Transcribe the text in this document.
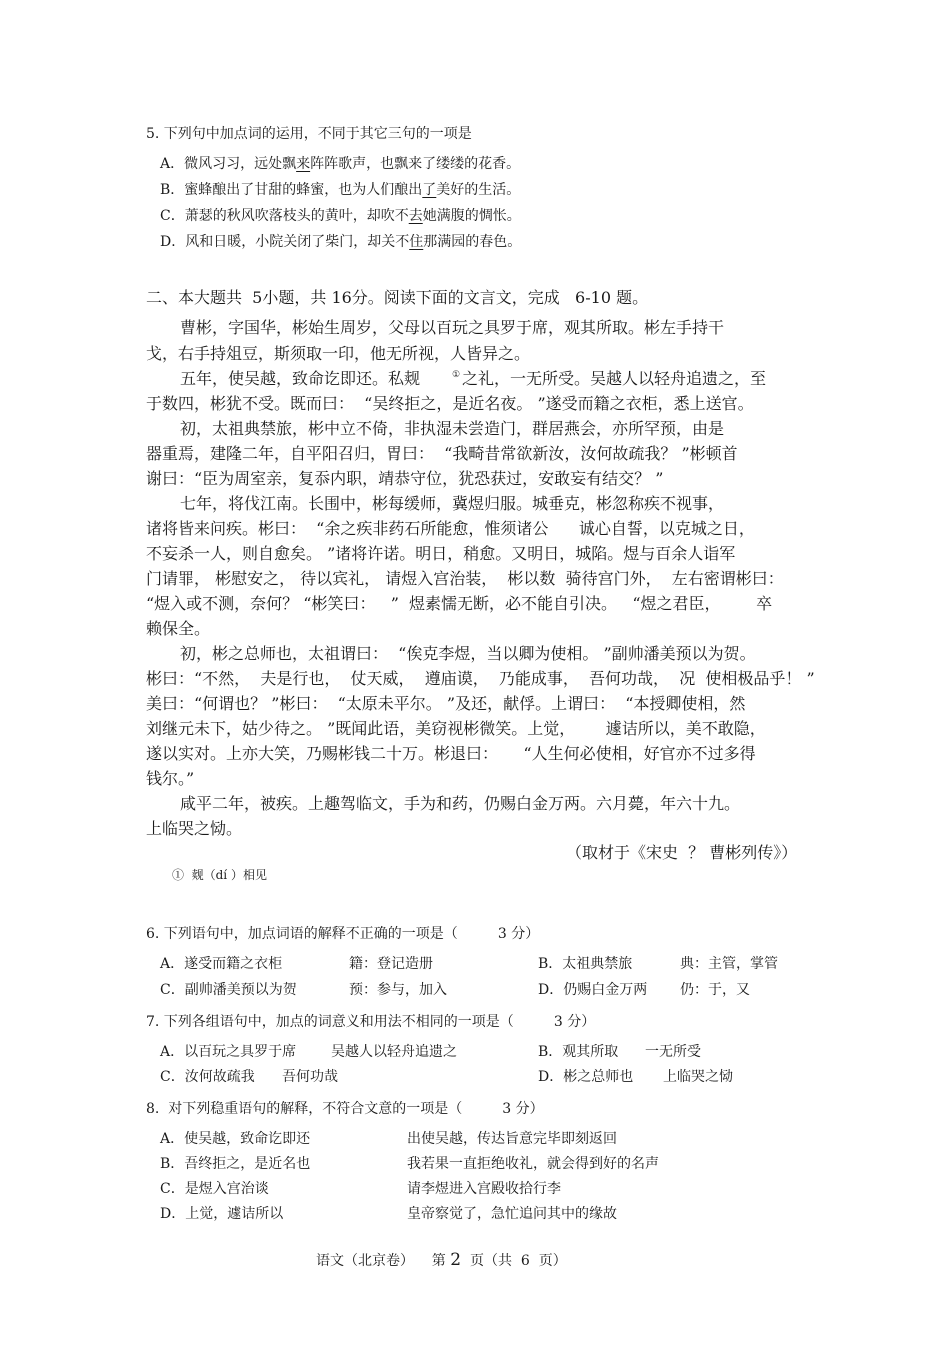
5. 下列句中加点词的运用，不同于其它三句的一项是
A．微风习习，远处飘来阵阵歌声，也飘来了缕缕的花香。
B．蜜蜂酿出了甘甜的蜂蜜，也为人们酿出了美好的生活。
C．萧瑟的秋风吹落枝头的黄叶，却吹不去她满腹的惆怅。
D．风和日暖，小院关闭了柴门，却关不住那满园的春色。
二、本大题共  5小题，共 16分。阅读下面的文言文，完成   6-10 题。
曹彬，字国华，彬始生周岁，父母以百玩之具罗于席，观其所取。彬左手持干
戈，右手持俎豆，斯须取一印，他无所视，人皆异之。
五年，使吴越，致命讫即还。私觌	① 之礼，一无所受。吴越人以轻舟追遗之，至
于数四，彬犹不受。既而曰：  “吴终拒之，是近名夜。 ”遂受而籍之衣柜，悉上送官。
初，太祖典禁旅，彬中立不倚，非执湿未尝造门，群居燕会，亦所罕预，由是
器重焉，建隆二年，自平阳召归，胃曰：  “我畸昔常欲新汝，汝何故疏我？ ”彬顿首
谢曰：“臣为周室亲，复忝内职，靖恭守位，犹恐获过，安敢妄有结交？ ”
七年，将伐江南。长围中，彬每缓师，冀煜归服。城垂克，彬忽称疾不视事，
诸将皆来问疾。彬曰：  “余之疾非药石所能愈，惟须诸公      诚心自誓，以克城之日，
不妄杀一人，则自愈矣。 ”诸将许诺。明日，稍愈。又明日，城陷。煜与百余人诣军
门请罪， 彬慰安之， 待以宾礼， 请煜入宫治装，  彬以数  骑待宫门外，  左右密谓彬曰：
“煜入或不测，奈何？ “彬笑曰：   ”  煜素懦无断，必不能自引决。   “煜之君臣，       卒
赖保全。
初，彬之总师也，太祖谓曰：  “俟克李煜，当以卿为使相。 ”副帅潘美预以为贺。
彬曰：“不然，  夫是行也，  仗天威，  遵庙谟，  乃能成事，  吾何功哉，  况  使相极品乎！ ”
美曰：“何谓也？ ”彬曰：  “太原未平尔。 ”及还，献俘。上谓曰：  “本授卿使相，然
刘继元未下，姑少待之。 ”既闻此语，美窃视彬微笑。上觉，      遽诘所以，美不敢隐，
遂以实对。上亦大笑，乃赐彬钱二十万。彬退曰：     “人生何必使相，好官亦不过多得
钱尔。”
咸平二年，被疾。上趣驾临文，手为和药，仍赐白金万两。六月薨，年六十九。
上临哭之恸。
（取材于《宋史  ？ 曹彬列传》）
①  觌（dí ）相见
6. 下列语句中，加点词语的解释不正确的一项是（         3 分）
A．遂受而籍之衣柜	籍：登记造册	B．太祖典禁旅	典：主管，掌管
C．副帅潘美预以为贺	预：参与，加入	D．仍赐白金万两 仍：于，又
7. 下列各组语句中，加点的词意义和用法不相同的一项是（         3 分）
A．以百玩之具罗于席 吴越人以轻舟追遗之	B．观其所取 一无所受
C．汝何故疏我 吾何功哉	D．彬之总师也 上临哭之恸
8.  对下列稳重语句的解释，不符合文意的一项是（         3 分）
A．使吴越，致命讫即还	出使吴越，传达旨意完毕即刻返回
B．吾终拒之，是近名也	我若果一直拒绝收礼，就会得到好的名声
C．是煜入宫治谈	请李煜进入宫殿收拾行李
D．上觉，遽诘所以	皇帝察觉了，急忙追问其中的缘故
语文（北京卷）    第 2  页（共  6  页）
